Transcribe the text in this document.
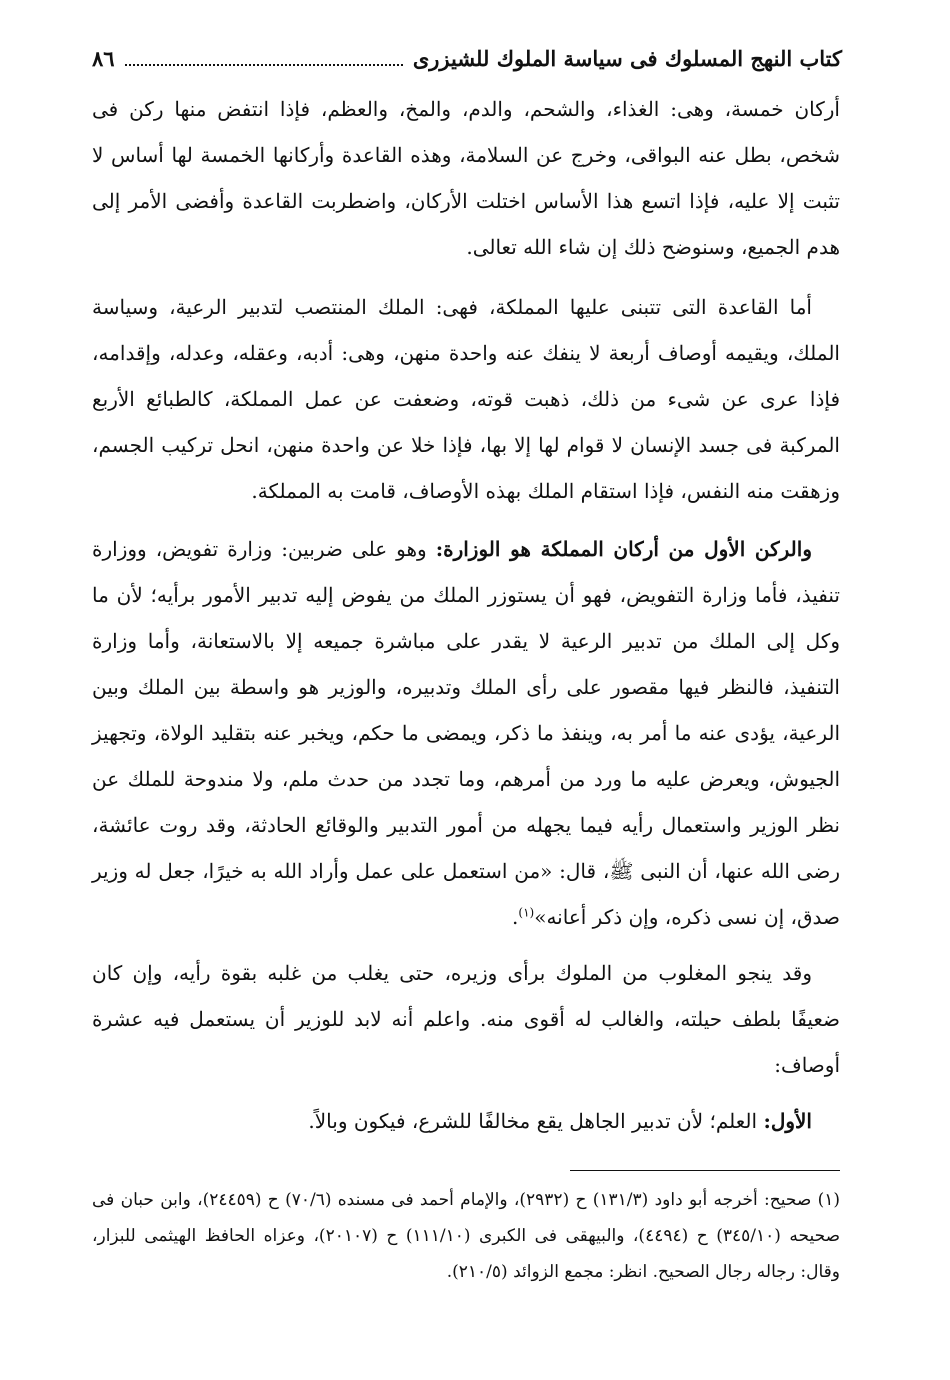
كتاب النهج المسلوك فى سياسة الملوك للشيزرى
٨٦

أركان خمسة، وهى: الغذاء، والشحم، والدم، والمخ، والعظم، فإذا انتفض منها ركن فى شخص، بطل عنه البواقى، وخرج عن السلامة، وهذه القاعدة وأركانها الخمسة لها أساس لا تثبت إلا عليه، فإذا اتسع هذا الأساس اختلت الأركان، واضطربت القاعدة وأفضى الأمر إلى هدم الجميع، وسنوضح ذلك إن شاء الله تعالى.

أما القاعدة التى تتبنى عليها المملكة، فهى: الملك المنتصب لتدبير الرعية، وسياسة الملك، ويقيمه أوصاف أربعة لا ينفك عنه واحدة منهن، وهى: أدبه، وعقله، وعدله، وإقدامه، فإذا عرى عن شىء من ذلك، ذهبت قوته، وضعفت عن عمل المملكة، كالطبائع الأربع المركبة فى جسد الإنسان لا قوام لها إلا بها، فإذا خلا عن واحدة منهن، انحل تركيب الجسم، وزهقت منه النفس، فإذا استقام الملك بهذه الأوصاف، قامت به المملكة.

والركن الأول من أركان المملكة هو الوزارة: وهو على ضربين: وزارة تفويض، ووزارة تنفيذ، فأما وزارة التفويض، فهو أن يستوزر الملك من يفوض إليه تدبير الأمور برأيه؛ لأن ما وكل إلى الملك من تدبير الرعية لا يقدر على مباشرة جميعه إلا بالاستعانة، وأما وزارة التنفيذ، فالنظر فيها مقصور على رأى الملك وتدبيره، والوزير هو واسطة بين الملك وبين الرعية، يؤدى عنه ما أمر به، وينفذ ما ذكر، ويمضى ما حكم، ويخبر عنه بتقليد الولاة، وتجهيز الجيوش، ويعرض عليه ما ورد من أمرهم، وما تجدد من حدث ملم، ولا مندوحة للملك عن نظر الوزير واستعمال رأيه فيما يجهله من أمور التدبير والوقائع الحادثة، وقد روت عائشة، رضى الله عنها، أن النبى ﷺ، قال: «من استعمل على عمل وأراد الله به خيرًا، جعل له وزير صدق، إن نسى ذكره، وإن ذكر أعانه»$^{(١)}$.

وقد ينجو المغلوب من الملوك برأى وزيره، حتى يغلب من غلبه بقوة رأيه، وإن كان ضعيفًا بلطف حيلته، والغالب له أقوى منه. واعلم أنه لابد للوزير أن يستعمل فيه عشرة أوصاف:

الأول: العلم؛ لأن تدبير الجاهل يقع مخالفًا للشرع، فيكون وبالاً.

(١) صحيح: أخرجه أبو داود (١٣١/٣) ح (٢٩٣٢)، والإمام أحمد فى مسنده (٧٠/٦) ح (٢٤٤٥٩)، وابن حبان فى صحيحه (٣٤٥/١٠) ح (٤٤٩٤)، والبيهقى فى الكبرى (١١١/١٠) ح (٢٠١٠٧)، وعزاه الحافظ الهيثمى للبزار، وقال: رجاله رجال الصحيح. انظر: مجمع الزوائد (٢١٠/٥).
